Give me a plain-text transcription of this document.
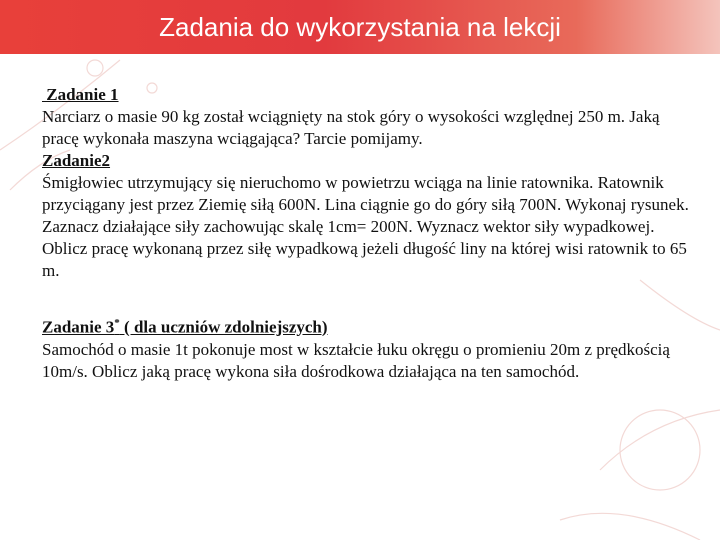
Zadania do wykorzystania na lekcji

Zadanie 1

Narciarz o masie 90 kg został wciągnięty na stok góry o wysokości względnej 250 m. Jaką pracę wykonała maszyna wciągająca? Tarcie pomijamy.

Zadanie2

Śmigłowiec utrzymujący się nieruchomo w powietrzu wciąga na linie ratownika. Ratownik przyciągany jest przez Ziemię siłą 600N. Lina ciągnie go do góry siłą 700N. Wykonaj rysunek. Zaznacz działające siły zachowując skalę 1cm= 200N. Wyznacz wektor siły wypadkowej. Oblicz pracę wykonaną przez siłę wypadkową jeżeli długość liny na której wisi ratownik to 65 m.

Zadanie 3* ( dla uczniów zdolniejszych)

Samochód o masie 1t pokonuje most w kształcie łuku okręgu o promieniu 20m z prędkością 10m/s. Oblicz jaką pracę wykona siła dośrodkowa działająca na ten samochód.
